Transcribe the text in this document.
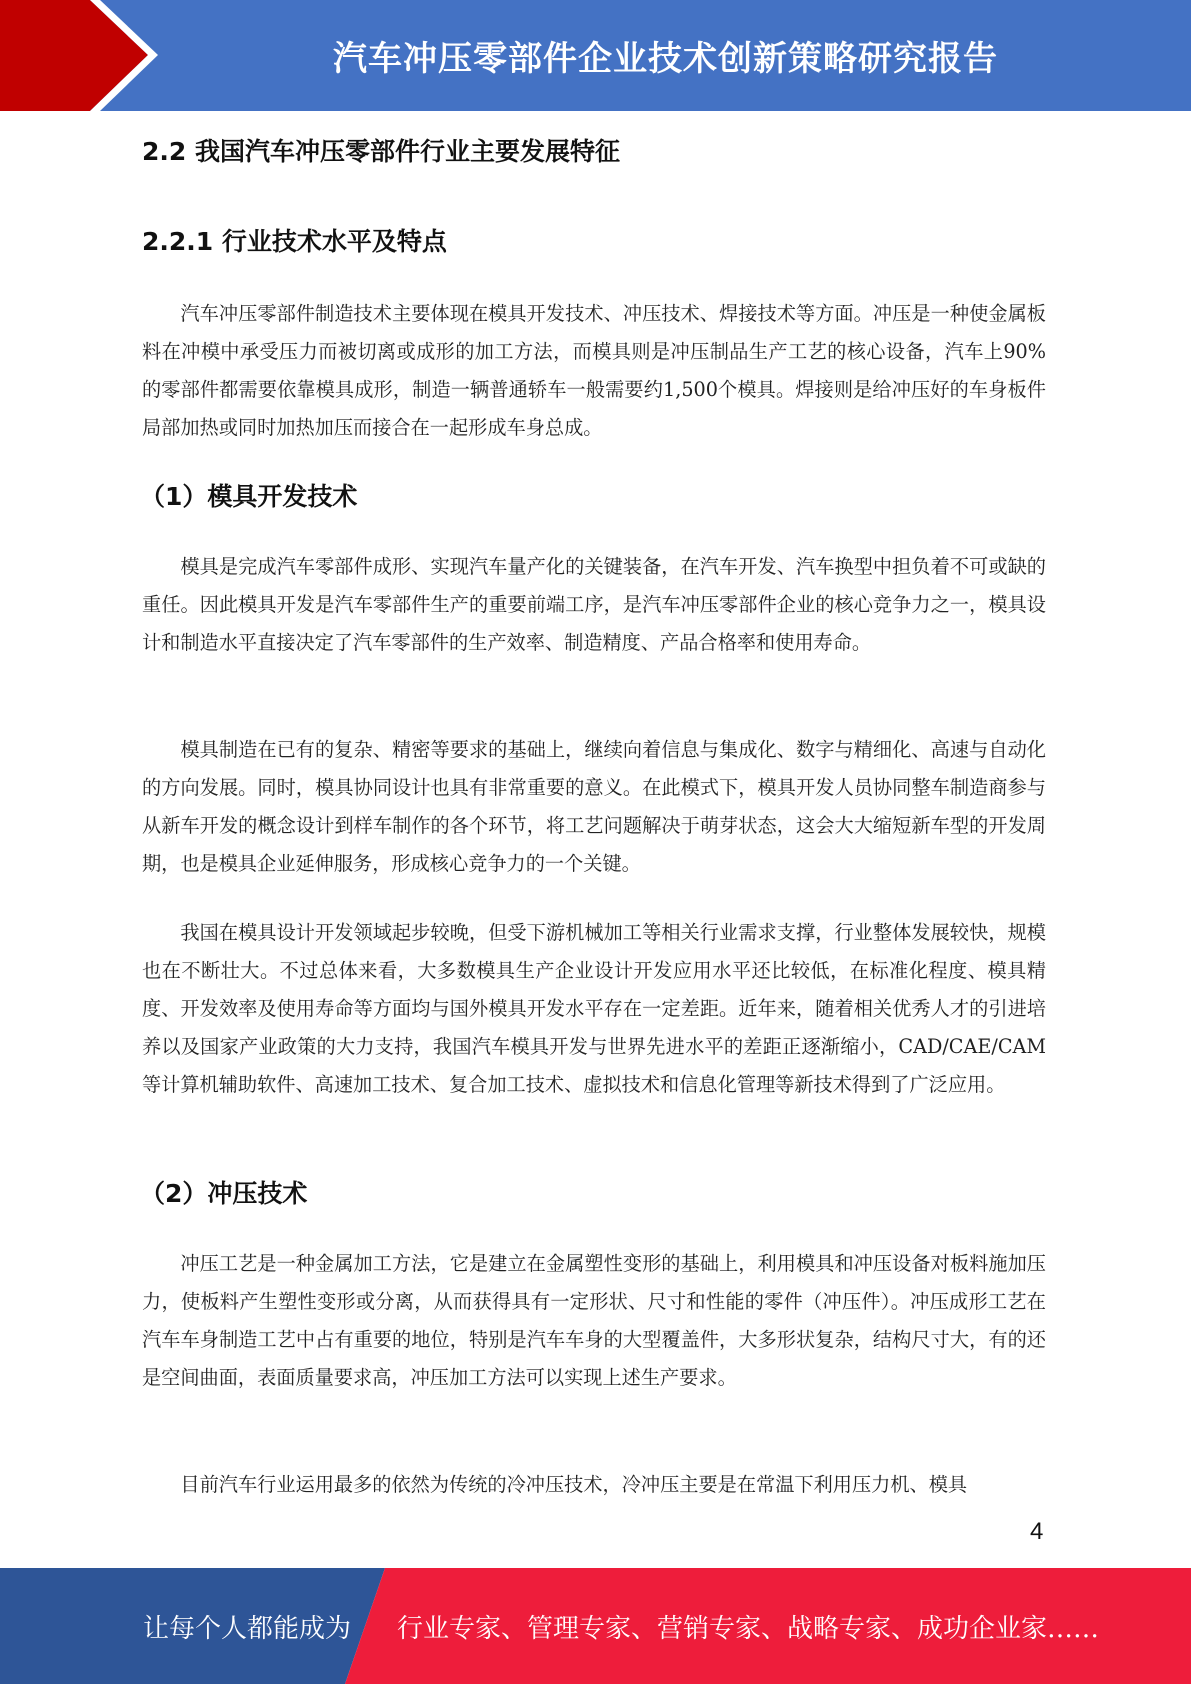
汽车冲压零部件企业技术创新策略研究报告
2.2 我国汽车冲压零部件行业主要发展特征
2.2.1 行业技术水平及特点

汽车冲压零部件制造技术主要体现在模具开发技术、冲压技术、焊接技术等方面。冲压是一种使金属板料在冲模中承受压力而被切离或成形的加工方法，而模具则是冲压制品生产工艺的核心设备，汽车上90%的零部件都需要依靠模具成形，制造一辆普通轿车一般需要约1,500个模具。焊接则是给冲压好的车身板件局部加热或同时加热加压而接合在一起形成车身总成。

（1）模具开发技术

模具是完成汽车零部件成形、实现汽车量产化的关键装备，在汽车开发、汽车换型中担负着不可或缺的重任。因此模具开发是汽车零部件生产的重要前端工序，是汽车冲压零部件企业的核心竞争力之一，模具设计和制造水平直接决定了汽车零部件的生产效率、制造精度、产品合格率和使用寿命。

模具制造在已有的复杂、精密等要求的基础上，继续向着信息与集成化、数字与精细化、高速与自动化的方向发展。同时，模具协同设计也具有非常重要的意义。在此模式下，模具开发人员协同整车制造商参与从新车开发的概念设计到样车制作的各个环节，将工艺问题解决于萌芽状态，这会大大缩短新车型的开发周期，也是模具企业延伸服务，形成核心竞争力的一个关键。

我国在模具设计开发领域起步较晚，但受下游机械加工等相关行业需求支撑，行业整体发展较快，规模也在不断壮大。不过总体来看，大多数模具生产企业设计开发应用水平还比较低，在标准化程度、模具精度、开发效率及使用寿命等方面均与国外模具开发水平存在一定差距。近年来，随着相关优秀人才的引进培养以及国家产业政策的大力支持，我国汽车模具开发与世界先进水平的差距正逐渐缩小，CAD/CAE/CAM等计算机辅助软件、高速加工技术、复合加工技术、虚拟技术和信息化管理等新技术得到了广泛应用。

（2）冲压技术

冲压工艺是一种金属加工方法，它是建立在金属塑性变形的基础上，利用模具和冲压设备对板料施加压力，使板料产生塑性变形或分离，从而获得具有一定形状、尺寸和性能的零件（冲压件）。冲压成形工艺在汽车车身制造工艺中占有重要的地位，特别是汽车车身的大型覆盖件，大多形状复杂，结构尺寸大，有的还是空间曲面，表面质量要求高，冲压加工方法可以实现上述生产要求。

目前汽车行业运用最多的依然为传统的冷冲压技术，冷冲压主要是在常温下利用压力机、模具

4
让每个人都能成为 行业专家、管理专家、营销专家、战略专家、成功企业家……
